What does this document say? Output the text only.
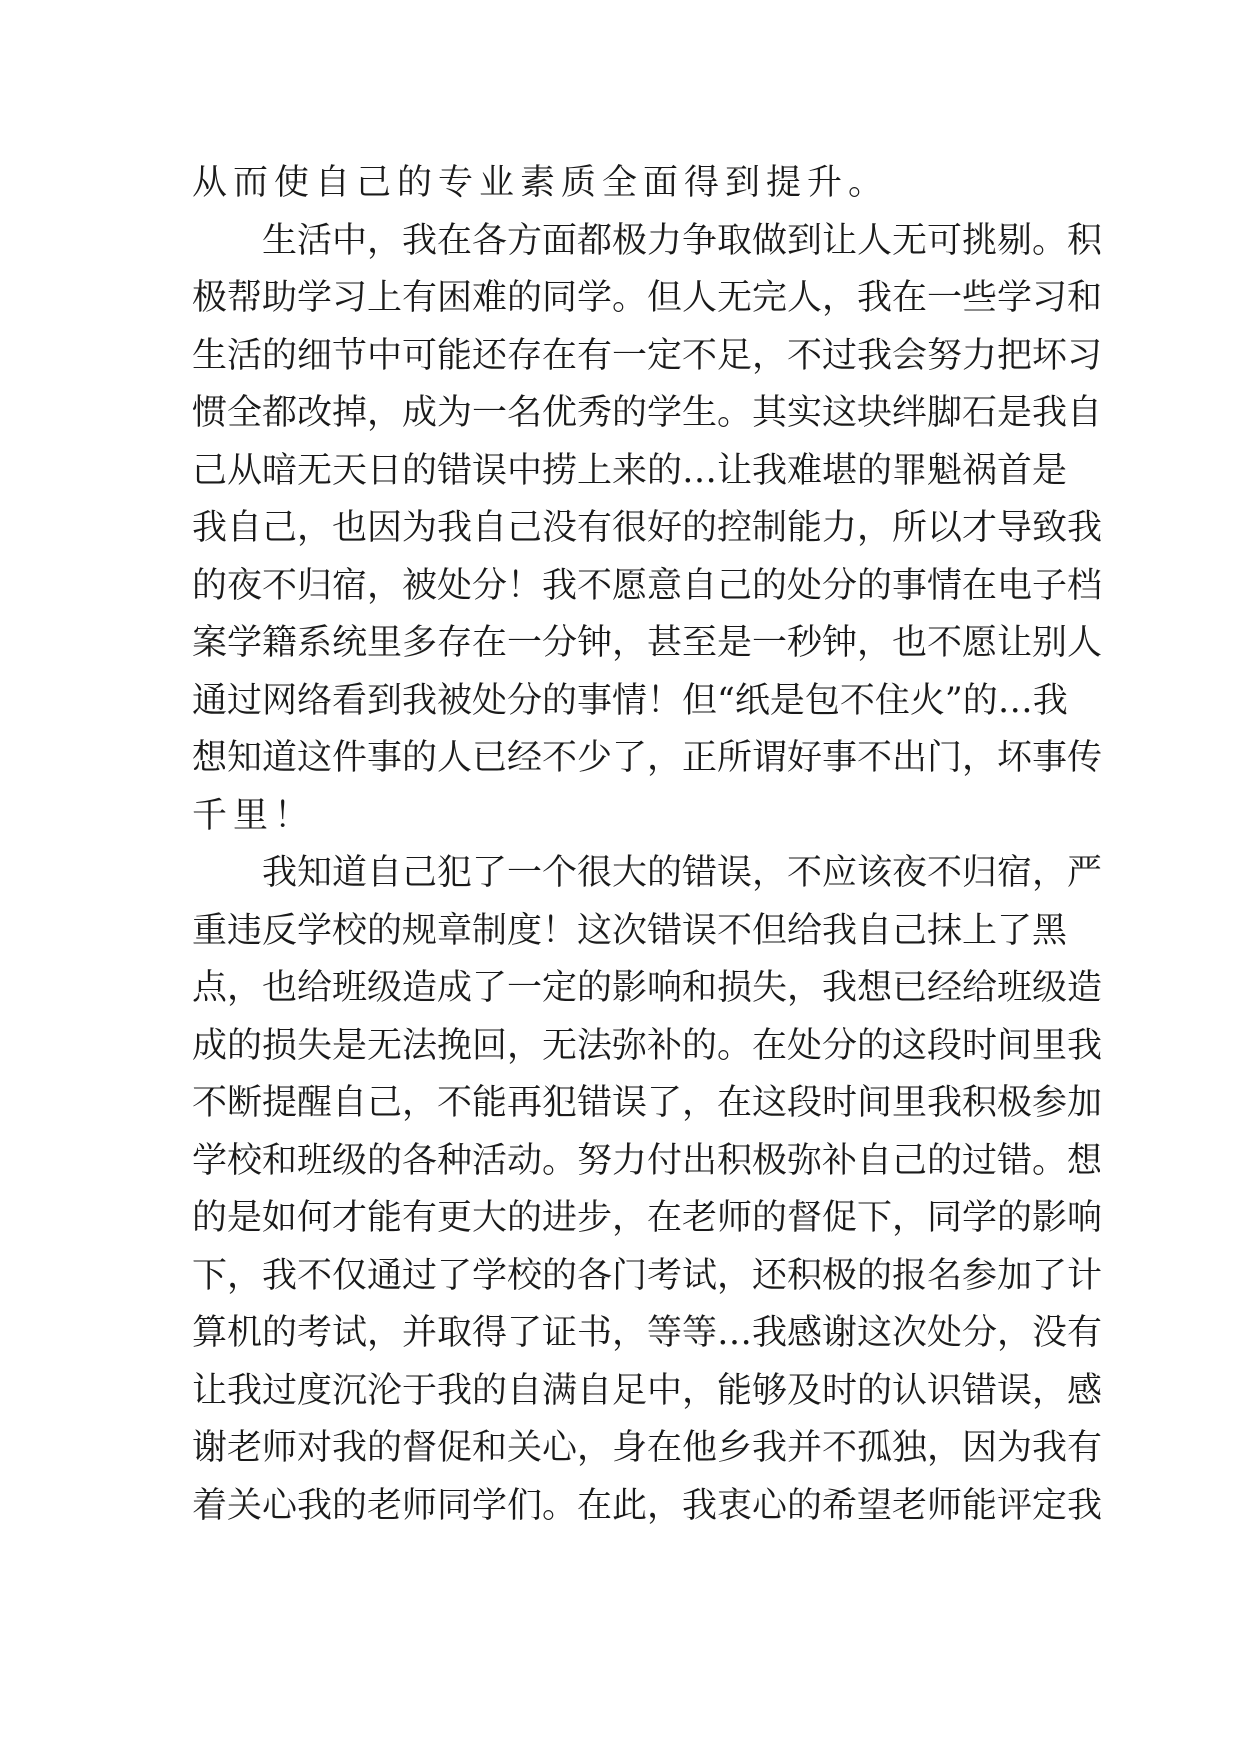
从而使自己的专业素质全面得到提升。
　　生活中，我在各方面都极力争取做到让人无可挑剔。积
极帮助学习上有困难的同学。但人无完人，我在一些学习和
生活的细节中可能还存在有一定不足，不过我会努力把坏习
惯全都改掉，成为一名优秀的学生。其实这块绊脚石是我自
己从暗无天日的错误中捞上来的…让我难堪的罪魁祸首是
我自己，也因为我自己没有很好的控制能力，所以才导致我
的夜不归宿，被处分！我不愿意自己的处分的事情在电子档
案学籍系统里多存在一分钟，甚至是一秒钟，也不愿让别人
通过网络看到我被处分的事情！但“纸是包不住火”的…我
想知道这件事的人已经不少了，正所谓好事不出门，坏事传
千里！
　　我知道自己犯了一个很大的错误，不应该夜不归宿，严
重违反学校的规章制度！这次错误不但给我自己抹上了黑
点，也给班级造成了一定的影响和损失，我想已经给班级造
成的损失是无法挽回，无法弥补的。在处分的这段时间里我
不断提醒自己，不能再犯错误了，在这段时间里我积极参加
学校和班级的各种活动。努力付出积极弥补自己的过错。想
的是如何才能有更大的进步，在老师的督促下，同学的影响
下，我不仅通过了学校的各门考试，还积极的报名参加了计
算机的考试，并取得了证书，等等…我感谢这次处分，没有
让我过度沉沦于我的自满自足中，能够及时的认识错误，感
谢老师对我的督促和关心，身在他乡我并不孤独，因为我有
着关心我的老师同学们。在此，我衷心的希望老师能评定我
